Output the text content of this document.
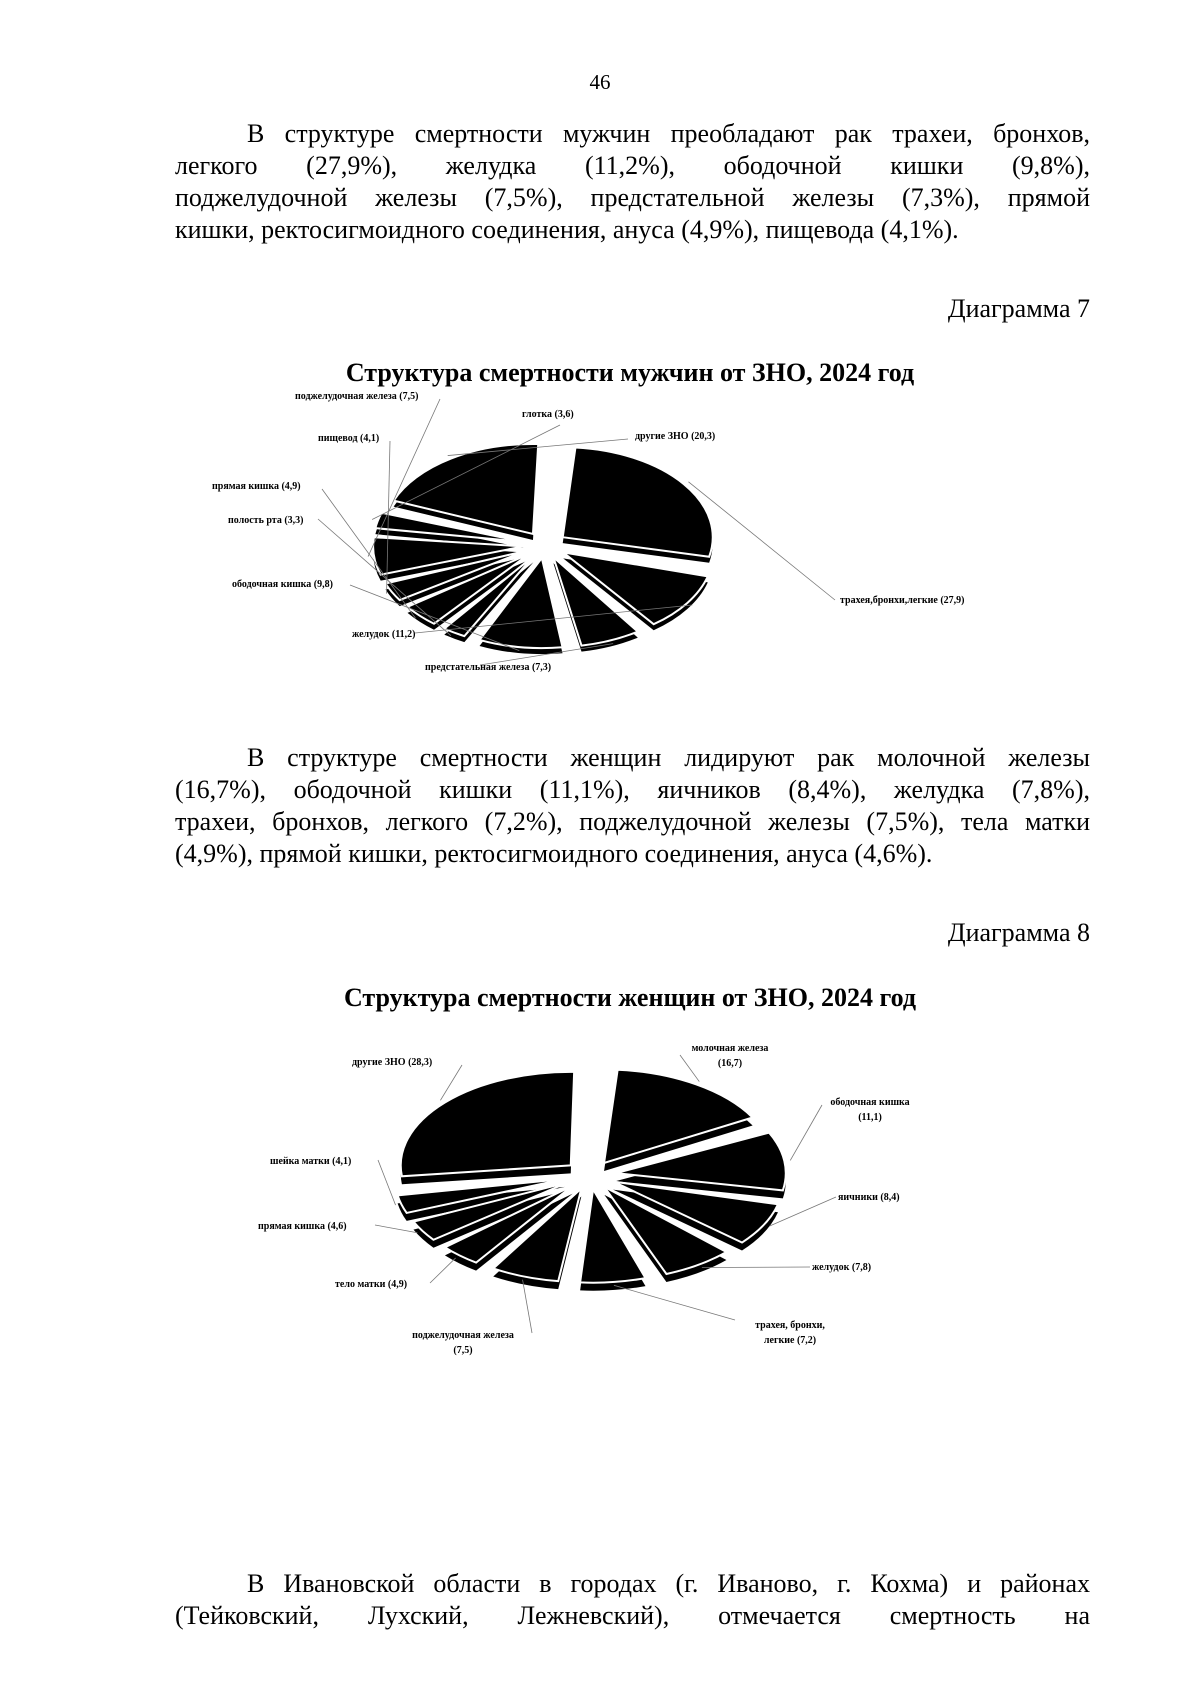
46
В структуре смертности мужчин преобладают рак трахеи, бронхов,
легкого (27,9%), желудка (11,2%), ободочной кишки (9,8%),
поджелудочной железы (7,5%), предстательной железы (7,3%), прямой
кишки, ректосигмоидного соединения, ануса (4,9%), пищевода (4,1%).
Диаграмма 7
Структура смертности мужчин от ЗНО, 2024 год
трахея,бронхи,легкие (27,9)
желудок (11,2)
предстательная железа (7,3)
ободочная кишка (9,8)
полость рта (3,3)
прямая кишка (4,9)
пищевод (4,1)
поджелудочная железа (7,5)
глотка (3,6)
другие ЗНО (20,3)
В структуре смертности женщин лидируют рак молочной железы
(16,7%), ободочной кишки (11,1%), яичников (8,4%), желудка (7,8%),
трахеи, бронхов, легкого (7,2%), поджелудочной железы (7,5%), тела матки
(4,9%), прямой кишки, ректосигмоидного соединения, ануса (4,6%).
Диаграмма 8
Структура смертности женщин от ЗНО, 2024 год
молочная железа
(16,7)
ободочная кишка
(11,1)
яичники (8,4)
желудок (7,8)
трахея, бронхи,
легкие (7,2)
поджелудочная железа
(7,5)
тело матки (4,9)
прямая кишка (4,6)
шейка матки (4,1)
другие ЗНО (28,3)
В Ивановской области в городах (г. Иваново, г. Кохма) и районах
(Тейковский, Лухский, Лежневский), отмечается смертность на
